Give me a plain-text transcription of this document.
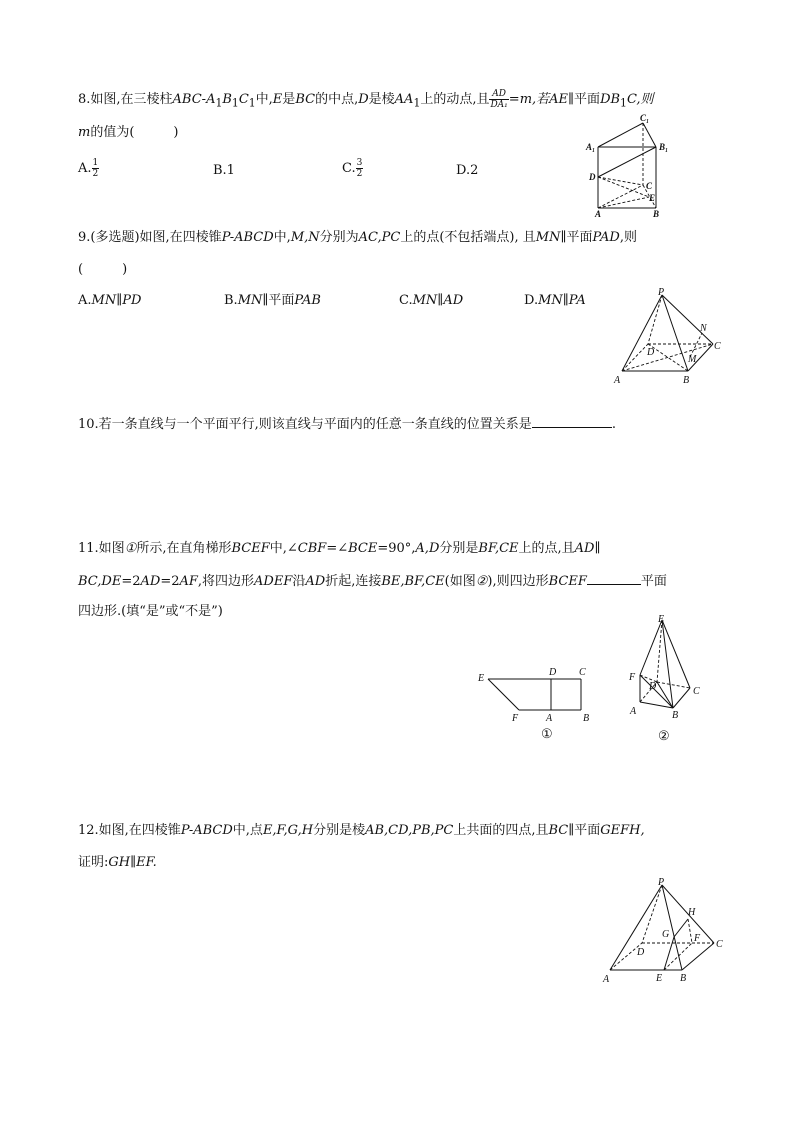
8.如图,在三棱柱ABC-$A_1B_1C_1$中,E是BC的中点,D是棱$AA_1$上的动点,且 $\frac{AD}{\text{DA₁}} =m$,若AE∥平面$DB_1C$,则
m的值为(　　　)
A. $\frac{1}{2}$	B.1	C. $\frac{3}{2}$	D.2
A₁
C₁
B₁
D
C
E
A	B
9.(多选题)如图,在四棱锥P-ABCD中,M,N分别为AC,PC上的点(不包括端点), 且MN∥平面PAD,则
(　　　)
A.MN∥PD	B.MN∥平面PAB	C.MN∥AD	D.MN∥PA
P
N
D
C
M
A	B
10.若一条直线与一个平面平行,则该直线与平面内的任意一条直线的位置关系是	.
11.如图①所示,在直角梯形BCEF中,∠CBF=∠BCE=90°,A,D分别是BF,CE上的点,且AD∥
BC,DE=2AD=2AF,将四边形ADEF沿AD折起,连接BE,BF,CE(如图②),则四边形BCEF	平面
四边形.(填“是”或“不是”)
E
D C
F	A	B
①
E
F
D	C
A	B
②
12.如图,在四棱锥P-ABCD中,点E,F,G,H分别是棱AB,CD,PB,PC上共面的四点,且BC∥平面GEFH,
证明:GH∥EF.
P
H
G F
C
D
A	E B
